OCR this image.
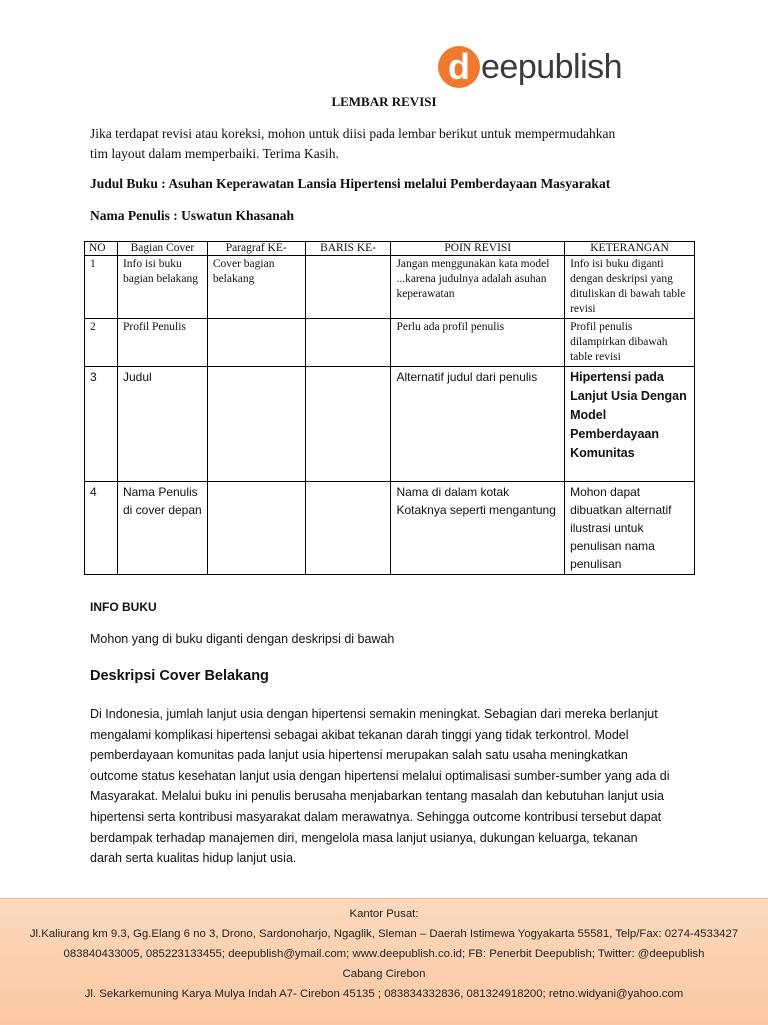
d eepublish
LEMBAR REVISI
Jika terdapat revisi atau koreksi, mohon untuk diisi pada lembar berikut untuk mempermudahkan
tim layout dalam memperbaiki. Terima Kasih.
Judul Buku : Asuhan Keperawatan Lansia Hipertensi melalui Pemberdayaan Masyarakat
Nama Penulis : Uswatun Khasanah
NO	Bagian Cover	Paragraf KE-	BARIS KE-	POIN REVISI	KETERANGAN
1	Info isi buku bagian belakang	Cover bagian belakang		Jangan menggunakan kata model ...karena judulnya adalah asuhan keperawatan	Info isi buku diganti dengan deskripsi yang dituliskan di bawah table revisi
2	Profil Penulis			Perlu ada profil penulis	Profil penulis dilampirkan dibawah table revisi
3	Judul			Alternatif judul dari penulis	Hipertensi pada Lanjut Usia Dengan Model Pemberdayaan Komunitas
4	Nama Penulis di cover depan			Nama di dalam kotak Kotaknya seperti mengantung	Mohon dapat dibuatkan alternatif ilustrasi untuk penulisan nama penulisan
INFO BUKU
Mohon yang di buku diganti dengan deskripsi di bawah
Deskripsi Cover Belakang
Di Indonesia, jumlah lanjut usia dengan hipertensi semakin meningkat. Sebagian dari mereka berlanjut
mengalami komplikasi hipertensi sebagai akibat tekanan darah tinggi yang tidak terkontrol. Model
pemberdayaan komunitas pada lanjut usia hipertensi merupakan salah satu usaha meningkatkan
outcome status kesehatan lanjut usia dengan hipertensi melalui optimalisasi sumber-sumber yang ada di
Masyarakat. Melalui buku ini penulis berusaha menjabarkan tentang masalah dan kebutuhan lanjut usia
hipertensi serta kontribusi masyarakat dalam merawatnya. Sehingga outcome kontribusi tersebut dapat
berdampak terhadap manajemen diri, mengelola masa lanjut usianya, dukungan keluarga, tekanan
darah serta kualitas hidup lanjut usia.
Kantor Pusat:
Jl.Kaliurang km 9.3, Gg.Elang 6 no 3, Drono, Sardonoharjo, Ngaglik, Sleman – Daerah Istimewa Yogyakarta 55581, Telp/Fax: 0274-4533427
083840433005, 085223133455; deepublish@ymail.com; www.deepublish.co.id; FB: Penerbit Deepublish; Twitter: @deepublish
Cabang Cirebon
Jl. Sekarkemuning Karya Mulya Indah A7- Cirebon 45135 ; 083834332836, 081324918200; retno.widyani@yahoo.com
